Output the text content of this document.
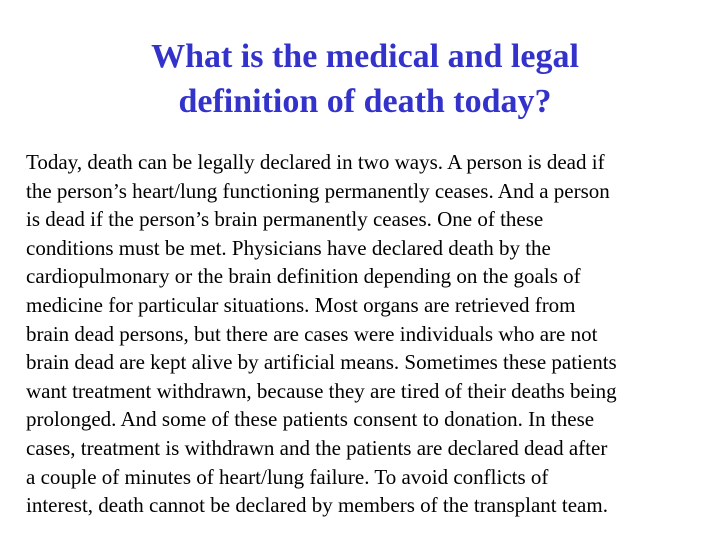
What is the medical and legal
definition of death today?
Today, death can be legally declared in two ways. A person is dead if
the person’s heart/lung functioning permanently ceases. And a person
is dead if the person’s brain permanently ceases. One of these
conditions must be met. Physicians have declared death by the
cardiopulmonary or the brain definition depending on the goals of
medicine for particular situations. Most organs are retrieved from
brain dead persons, but there are cases were individuals who are not
brain dead are kept alive by artificial means. Sometimes these patients
want treatment withdrawn, because they are tired of their deaths being
prolonged. And some of these patients consent to donation. In these
cases, treatment is withdrawn and the patients are declared dead after
a couple of minutes of heart/lung failure. To avoid conflicts of
interest, death cannot be declared by members of the transplant team.
